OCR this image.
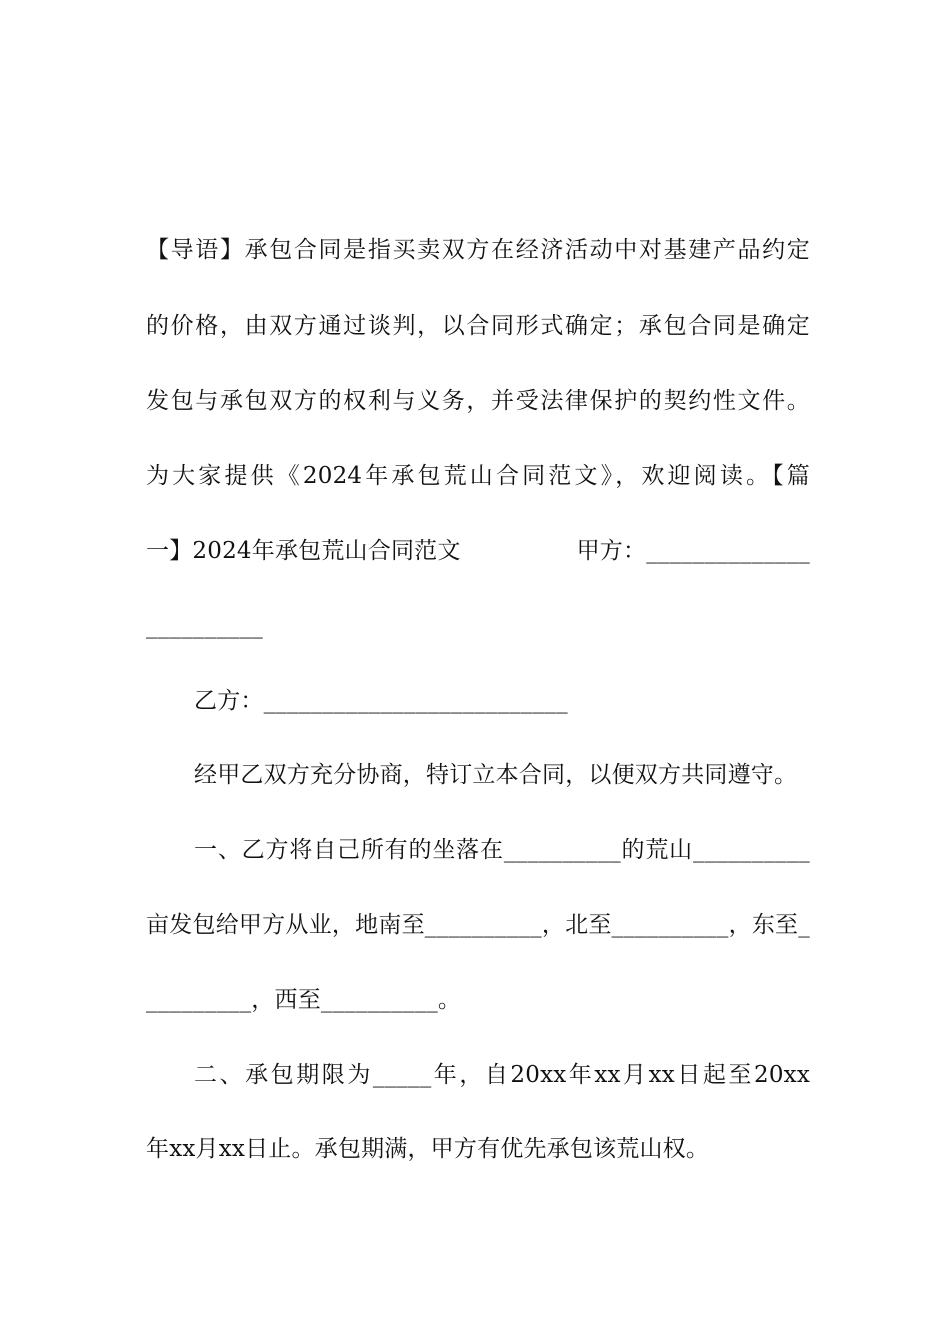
【导语】承包合同是指买卖双方在经济活动中对基建产品约定
的价格，由双方通过谈判，以合同形式确定；承包合同是确定
发包与承包双方的权利与义务，并受法律保护的契约性文件。
为大家提供《2024年承包荒山合同范文》，欢迎阅读。【篇
一】2024年承包荒山合同范文　　　　　甲方：______________
__________
乙方：__________________________
经甲乙双方充分协商，特订立本合同，以便双方共同遵守。
一、乙方将自己所有的坐落在__________的荒山__________
亩发包给甲方从业，地南至__________，北至__________，东至_
_________，西至__________。
二、承包期限为_____年，自20xx年xx月xx日起至20xx
年xx月xx日止。承包期满，甲方有优先承包该荒山权。
